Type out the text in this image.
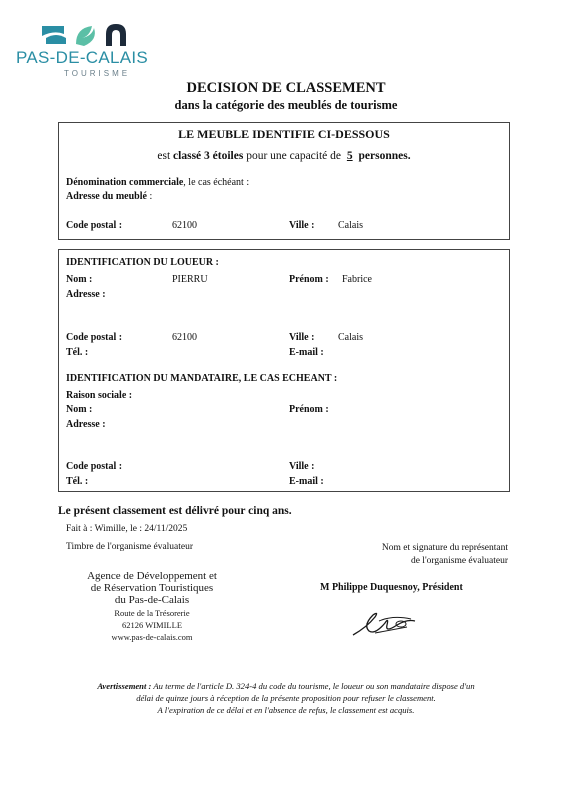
PAS-DE-CALAIS
TOURISME
DECISION DE CLASSEMENT
dans la catégorie des meublés de tourisme
LE MEUBLE IDENTIFIE CI-DESSOUS
est classé 3 étoiles pour une capacité de 5 personnes.
Dénomination commerciale, le cas échéant :
Adresse du meublé :
Code postal :	62100	Ville : Calais
IDENTIFICATION DU LOUEUR :
Nom :	PIERRU	Prénom : Fabrice
Adresse :
Code postal :	62100	Ville : Calais
Tél. :	E-mail :
IDENTIFICATION DU MANDATAIRE, LE CAS ECHEANT :
Raison sociale :
Nom :	Prénom :
Adresse :
Code postal :	Ville :
Tél. :	E-mail :
Le présent classement est délivré pour cinq ans.
Fait à : Wimille, le : 24/11/2025
Timbre de l'organisme évaluateur	Nom et signature du représentant
de l'organisme évaluateur
Agence de Développement et
de Réservation Touristiques
du Pas-de-Calais
Route de la Trésorerie
62126 WIMILLE
www.pas-de-calais.com
M Philippe Duquesnoy, Président
Avertissement : Au terme de l'article D. 324-4 du code du tourisme, le loueur ou son mandataire dispose d'un
délai de quinze jours à réception de la présente proposition pour refuser le classement.
A l'expiration de ce délai et en l'absence de refus, le classement est acquis.
